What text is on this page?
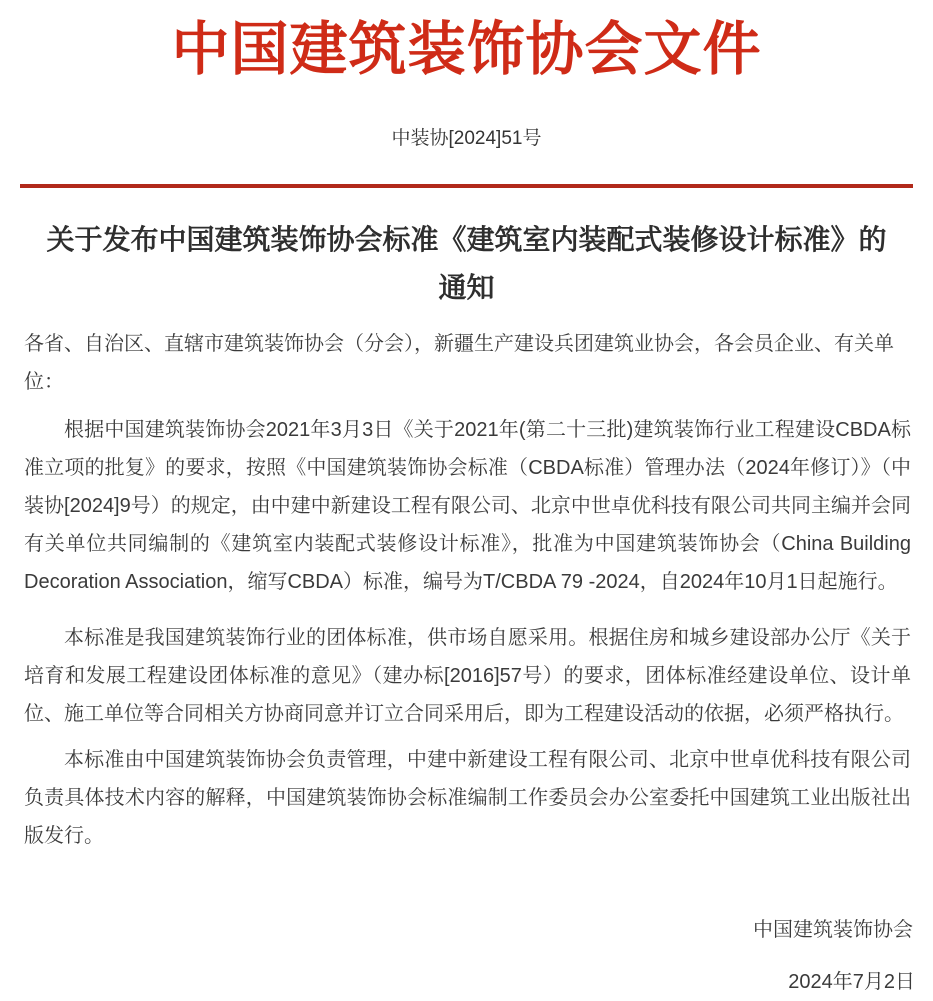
中国建筑装饰协会文件
中装协[2024]51号
关于发布中国建筑装饰协会标准《建筑室内装配式装修设计标准》的
通知
各省、自治区、直辖市建筑装饰协会（分会），新疆生产建设兵团建筑业协会，各会员企业、有关单位：
根据中国建筑装饰协会2021年3月3日《关于2021年(第二十三批)建筑装饰行业工程建设CBDA标准立项的批复》的要求，按照《中国建筑装饰协会标准（CBDA标准）管理办法（2024年修订）》（中装协[2024]9号）的规定，由中建中新建设工程有限公司、北京中世卓优科技有限公司共同主编并会同有关单位共同编制的《建筑室内装配式装修设计标准》，批准为中国建筑装饰协会（China Building Decoration Association，缩写CBDA）标准，编号为T/CBDA 79 -2024，自2024年10月1日起施行。
本标准是我国建筑装饰行业的团体标准，供市场自愿采用。根据住房和城乡建设部办公厅《关于培育和发展工程建设团体标准的意见》（建办标[2016]57号）的要求，团体标准经建设单位、设计单位、施工单位等合同相关方协商同意并订立合同采用后，即为工程建设活动的依据，必须严格执行。
本标准由中国建筑装饰协会负责管理，中建中新建设工程有限公司、北京中世卓优科技有限公司负责具体技术内容的解释，中国建筑装饰协会标准编制工作委员会办公室委托中国建筑工业出版社出版发行。
中国建筑装饰协会
2024年7月2日
